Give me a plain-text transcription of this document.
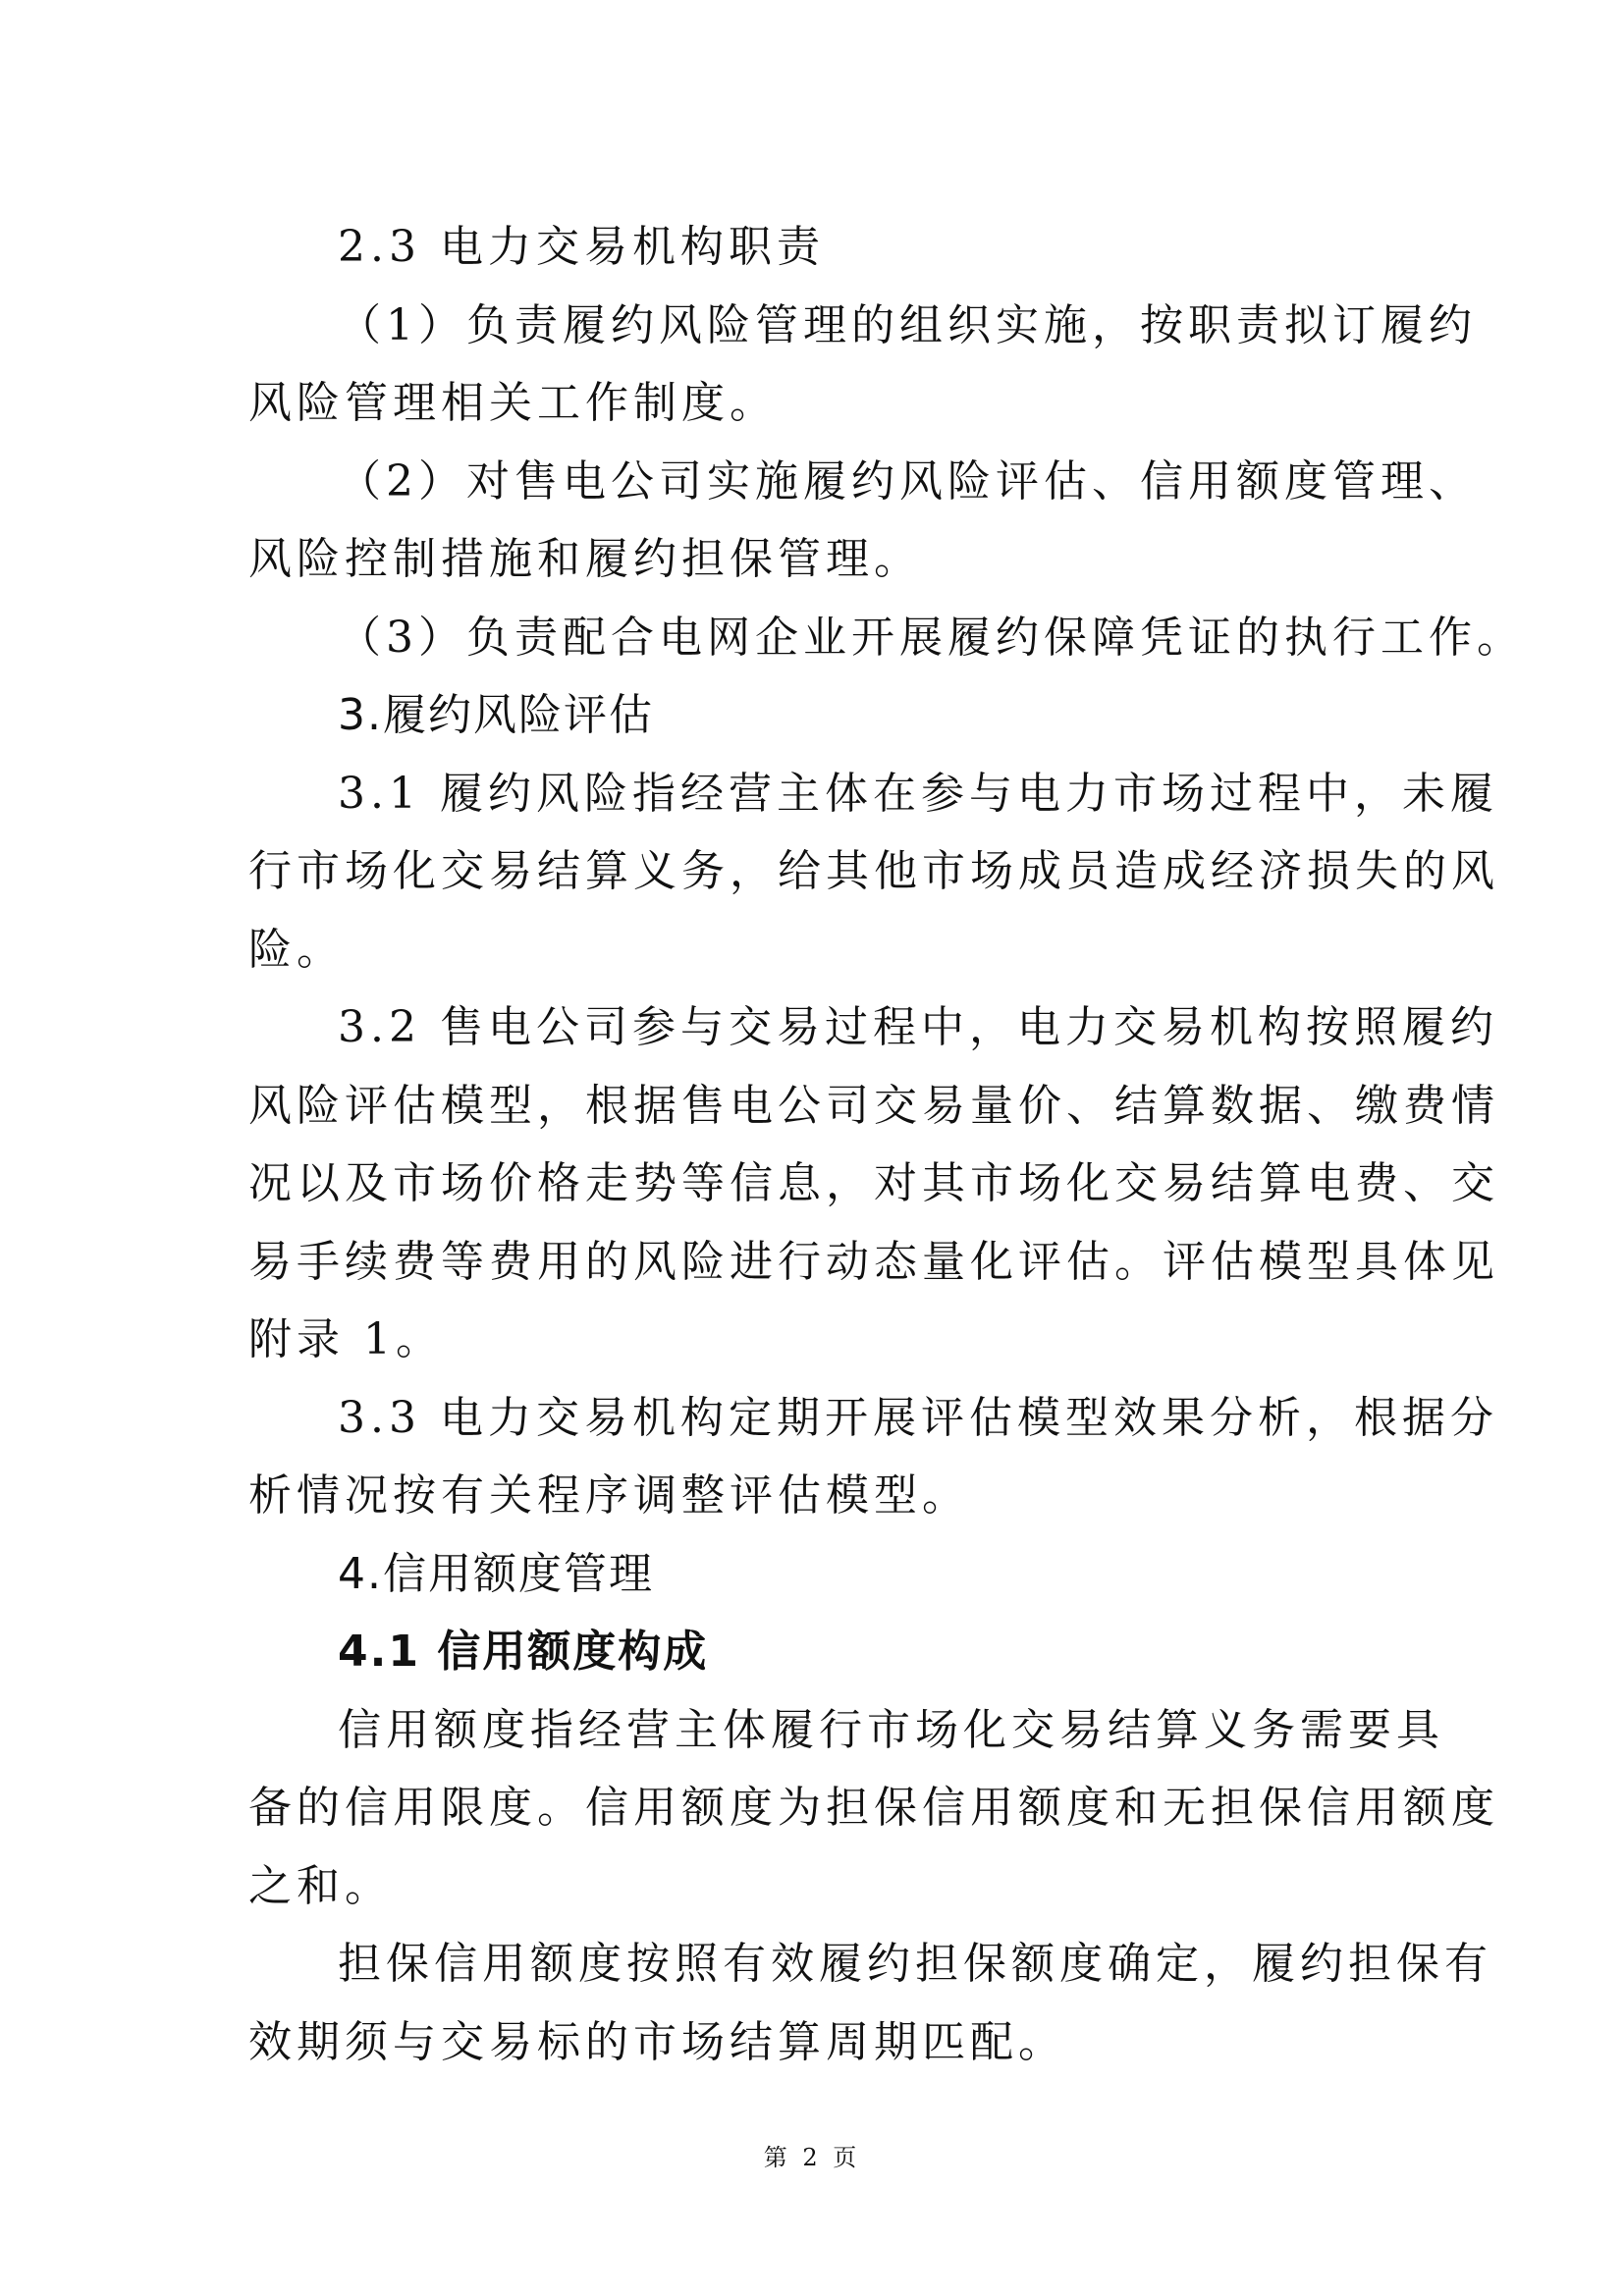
2.3 电力交易机构职责
（1）负责履约风险管理的组织实施，按职责拟订履约
风险管理相关工作制度。
（2）对售电公司实施履约风险评估、信用额度管理、
风险控制措施和履约担保管理。
（3）负责配合电网企业开展履约保障凭证的执行工作。
3.履约风险评估
3.1 履约风险指经营主体在参与电力市场过程中，未履
行市场化交易结算义务，给其他市场成员造成经济损失的风
险。
3.2 售电公司参与交易过程中，电力交易机构按照履约
风险评估模型，根据售电公司交易量价、结算数据、缴费情
况以及市场价格走势等信息，对其市场化交易结算电费、交
易手续费等费用的风险进行动态量化评估。评估模型具体见
附录 1。
3.3 电力交易机构定期开展评估模型效果分析，根据分
析情况按有关程序调整评估模型。
4.信用额度管理
4.1 信用额度构成
信用额度指经营主体履行市场化交易结算义务需要具
备的信用限度。信用额度为担保信用额度和无担保信用额度
之和。
担保信用额度按照有效履约担保额度确定，履约担保有
效期须与交易标的市场结算周期匹配。
第 2 页
